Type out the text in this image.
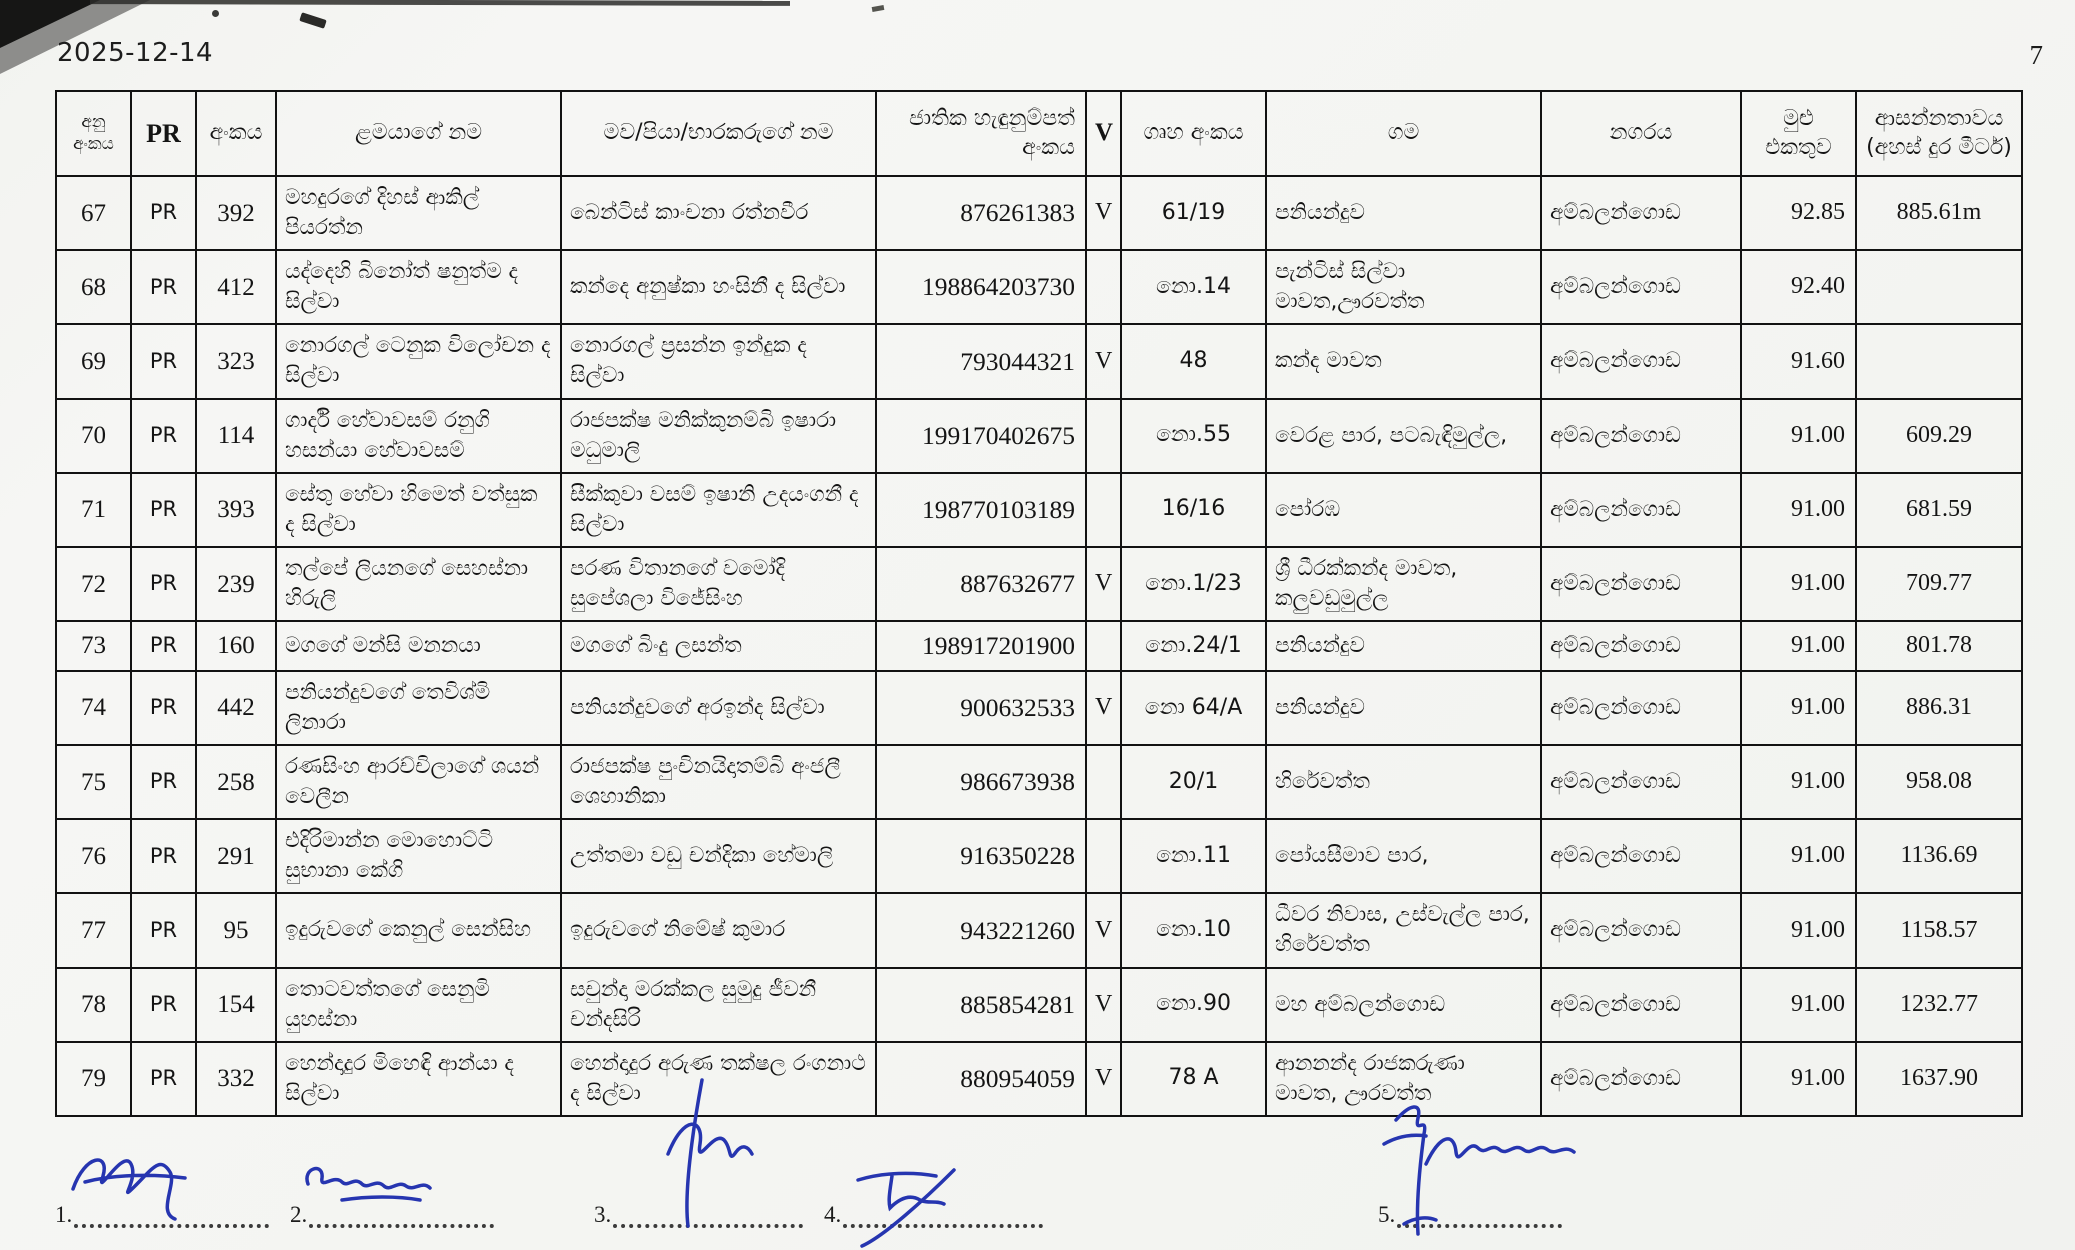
2025-12-14	7
අනු අංකය	PR	අංකය	ළමයාගේ නම	මව/පියා/භාරකරුගේ නම	ජාතික හැඳුනුම්පත් අංකය	V	ගෘහ අංකය	ගම	නගරය	මුළු එකතුව	ආසන්නතාවය (අහස් දුර මීටර්)
67	PR	392	මහදුරගේ දිහස් ආකිල් පියරත්න	බෙන්ටිස් කාංචනා රත්නවීර	876261383	V	61/19	පනියන්දුව	අම්බලන්ගොඩ	92.85	885.61m
68	PR	412	යද්දෙහි බිනෝත් ෂනුත්ම ද සිල්වා	කන්දෙ අනුෂ්කා හංසිනී ද සිල්වා	198864203730		නො.14	පැන්ටිස් සිල්වා මාවත,ඌරවත්ත	අම්බලන්ගොඩ	92.40	
69	PR	323	නොරගල් ටෙනුක විලෝචන ද සිල්වා	නොරගල් ප්‍රසන්න ඉන්දුක ද සිල්වා	793044321	V	48	කන්ද මාවත	අම්බලන්ගොඩ	91.60	
70	PR	114	ගාර්දි හේවාවසම් රනුගි හසන්යා හේවාවසම්	රාජපක්ෂ මනික්කුනම්බි ඉෂාරා මධුමාලි	199170402675		නො.55	වෙරළ පාර, පටබැඳිමුල්ල,	අම්බලන්ගොඩ	91.00	609.29
71	PR	393	සේතු හේවා හිමෙත් වත්සුක ද සිල්වා	සීක්කුවා වසම් ඉෂානි උදයංගනී ද සිල්වා	198770103189		16/16	පෝරඹ	අම්බලන්ගොඩ	91.00	681.59
72	PR	239	තල්පේ ලියනගේ සෙහස්නා හිරුලි	පරණ විතානගේ වමෝදි සුපේශලා විජේසිංහ	887632677	V	නො.1/23	ශ්‍රී ධීරක්කන්ද මාවත, කලුවඩුමුල්ල	අම්බලන්ගොඩ	91.00	709.77
73	PR	160	මගගේ මන්සි මනනයා	මගගේ බිංදු ලසන්ත	198917201900		නො.24/1	පනියන්දුව	අම්බලන්ගොඩ	91.00	801.78
74	PR	442	පනියන්දුවගේ තෙවිශ්මි ලිනාරා	පනියන්දුවගේ අරඉන්ද සිල්වා	900632533	V	නො 64/A	පනියන්දුව	අම්බලන්ගොඩ	91.00	886.31
75	PR	258	රණසිංහ ආරච්චිලාගේ ශයන් වෙලීන	රාජපක්ෂ පුංචිනයිදාතම්බි අංජලී ශෙහානිකා	986673938		20/1	හිරේවත්ත	අම්බලන්ගොඩ	91.00	958.08
76	PR	291	එදිරිමාන්න මොහොට්ටි සුභානා කේගි	උත්තමා වඩු චන්දිකා හේමාලි	916350228		නො.11	පෝයසීමාව පාර,	අම්බලන්ගොඩ	91.00	1136.69
77	PR	95	ඉදුරුවගේ කෙනුල් සෙන්සිහ	ඉදුරුවගේ නිමේෂ් කුමාර	943221260	V	නො.10	ධීවර නිවාස, උස්වැල්ල පාර, හිරේවත්ත	අම්බලන්ගොඩ	91.00	1158.57
78	PR	154	තොටවත්තගේ සෙනුමි යුහස්නා	සචුන්දා මරක්කල සුමුදු ජීවනී චන්දසිරි	885854281	V	නො.90	මහ අම්බලන්ගොඩ	අම්බලන්ගොඩ	91.00	1232.77
79	PR	332	හෙන්දාදුර මිහෙඳි ආන්යා ද සිල්වා	හෙන්දාදුර අරුණ තක්ෂල රංගනාථ ද සිල්වා	880954059	V	78 A	ආනනන්ද රාජකරුණා මාවත, ඌරවත්ත	අම්බලන්ගොඩ	91.00	1637.90
1.	2.	3.	4.	5.
